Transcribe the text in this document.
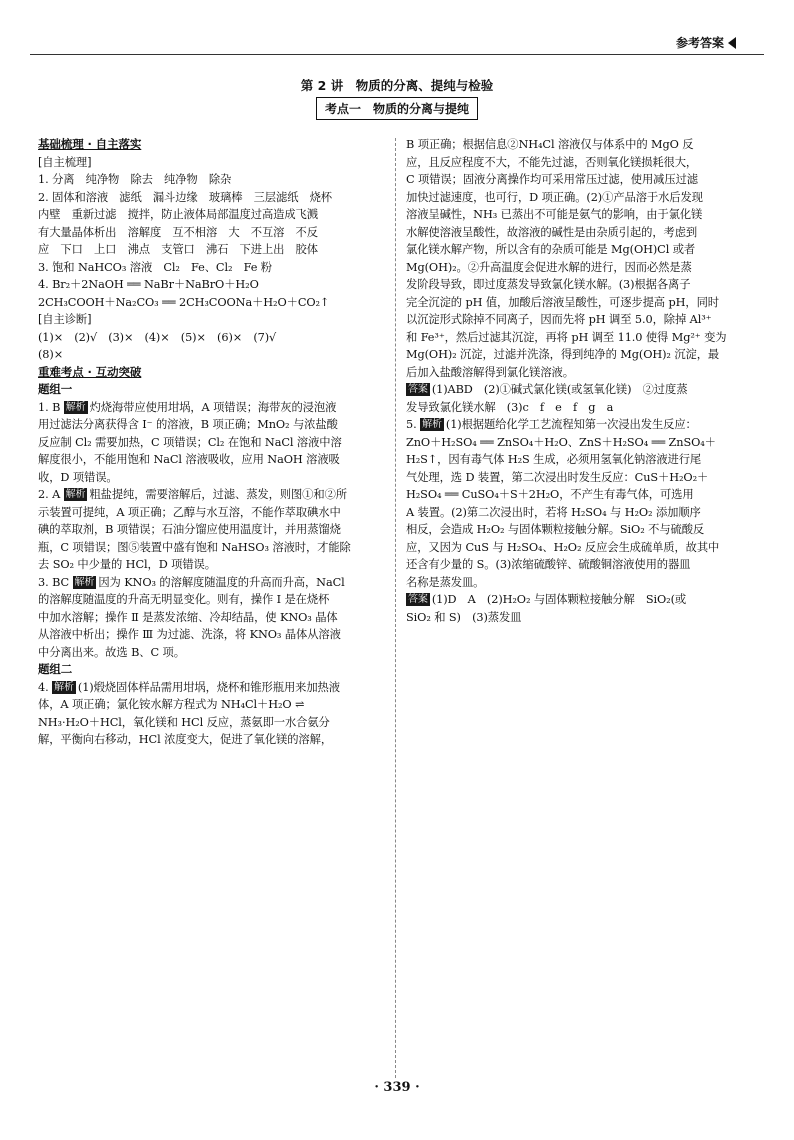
参考答案
第 2 讲　物质的分离、提纯与检验
考点一　物质的分离与提纯
基础梳理 · 自主落实
[自主梳理]
1. 分离　纯净物　除去　纯净物　除杂
2. 固体和溶液　滤纸　漏斗边缘　玻璃棒　三层滤纸　烧杯
内壁　重新过滤　搅拌，防止液体局部温度过高造成飞溅
有大量晶体析出　溶解度　互不相溶　大　不互溶　不反
应　下口　上口　沸点　支管口　沸石　下进上出　胶体
3. 饱和 NaHCO₃ 溶液　Cl₂　Fe、Cl₂　Fe 粉
4. Br₂＋2NaOH ══ NaBr＋NaBrO＋H₂O
2CH₃COOH＋Na₂CO₃ ══ 2CH₃COONa＋H₂O＋CO₂↑
[自主诊断]
(1)×　(2)√　(3)×　(4)×　(5)×　(6)×　(7)√
(8)×
重难考点 · 互动突破
题组一
1. B 解析 灼烧海带应使用坩埚，A 项错误；海带灰的浸泡液
用过滤法分离获得含 I⁻ 的溶液，B 项正确；MnO₂ 与浓盐酸
反应制 Cl₂ 需要加热，C 项错误；Cl₂ 在饱和 NaCl 溶液中溶
解度很小，不能用饱和 NaCl 溶液吸收，应用 NaOH 溶液吸
收，D 项错误。
2. A 解析 粗盐提纯，需要溶解后，过滤、蒸发，则图①和②所
示装置可提纯，A 项正确；乙醇与水互溶，不能作萃取碘水中
碘的萃取剂，B 项错误；石油分馏应使用温度计，并用蒸馏烧
瓶，C 项错误；图⑤装置中盛有饱和 NaHSO₃ 溶液时，才能除
去 SO₂ 中少量的 HCl，D 项错误。
3. BC 解析 因为 KNO₃ 的溶解度随温度的升高而升高，NaCl
的溶解度随温度的升高无明显变化。则有，操作 Ⅰ 是在烧杯
中加水溶解；操作 Ⅱ 是蒸发浓缩、冷却结晶，使 KNO₃ 晶体
从溶液中析出；操作 Ⅲ 为过滤、洗涤，将 KNO₃ 晶体从溶液
中分离出来。故选 B、C 项。
题组二
4. 解析 (1)煅烧固体样品需用坩埚，烧杯和锥形瓶用来加热液
体，A 项正确；氯化铵水解方程式为 NH₄Cl＋H₂O ⇌
NH₃·H₂O＋HCl，氧化镁和 HCl 反应，蒸氨即一水合氨分
解，平衡向右移动，HCl 浓度变大，促进了氧化镁的溶解，
B 项正确；根据信息②NH₄Cl 溶液仅与体系中的 MgO 反
应，且反应程度不大，不能先过滤，否则氧化镁损耗很大，
C 项错误；固液分离操作均可采用常压过滤，使用减压过滤
加快过滤速度，也可行，D 项正确。(2)①产品溶于水后发现
溶液呈碱性，NH₃ 已蒸出不可能是氨气的影响，由于氯化镁
水解使溶液呈酸性，故溶液的碱性是由杂质引起的，考虑到
氯化镁水解产物，所以含有的杂质可能是 Mg(OH)Cl 或者
Mg(OH)₂。②升高温度会促进水解的进行，因而必然是蒸
发阶段导致，即过度蒸发导致氯化镁水解。(3)根据各离子
完全沉淀的 pH 值，加酸后溶液呈酸性，可逐步提高 pH，同时
以沉淀形式除掉不同离子，因而先将 pH 调至 5.0，除掉 Al³⁺
和 Fe³⁺，然后过滤其沉淀，再将 pH 调至 11.0 使得 Mg²⁺ 变为
Mg(OH)₂ 沉淀，过滤并洗涤，得到纯净的 Mg(OH)₂ 沉淀，最
后加入盐酸溶解得到氯化镁溶液。
答案 (1)ABD　(2)①碱式氯化镁(或氢氧化镁)　②过度蒸
发导致氯化镁水解　(3)c　f　e　f　g　a
5. 解析 (1)根据题给化学工艺流程知第一次浸出发生反应：
ZnO＋H₂SO₄ ══ ZnSO₄＋H₂O、ZnS＋H₂SO₄ ══ ZnSO₄＋
H₂S↑，因有毒气体 H₂S 生成，必须用氢氧化钠溶液进行尾
气处理，选 D 装置，第二次浸出时发生反应：CuS＋H₂O₂＋
H₂SO₄ ══ CuSO₄＋S＋2H₂O，不产生有毒气体，可选用
A 装置。(2)第二次浸出时，若将 H₂SO₄ 与 H₂O₂ 添加顺序
相反，会造成 H₂O₂ 与固体颗粒接触分解。SiO₂ 不与硫酸反
应，又因为 CuS 与 H₂SO₄、H₂O₂ 反应会生成硫单质，故其中
还含有少量的 S。(3)浓缩硫酸锌、硫酸铜溶液使用的器皿
名称是蒸发皿。
答案 (1)D　A　(2)H₂O₂ 与固体颗粒接触分解　SiO₂(或
SiO₂ 和 S)　(3)蒸发皿
· 339 ·
